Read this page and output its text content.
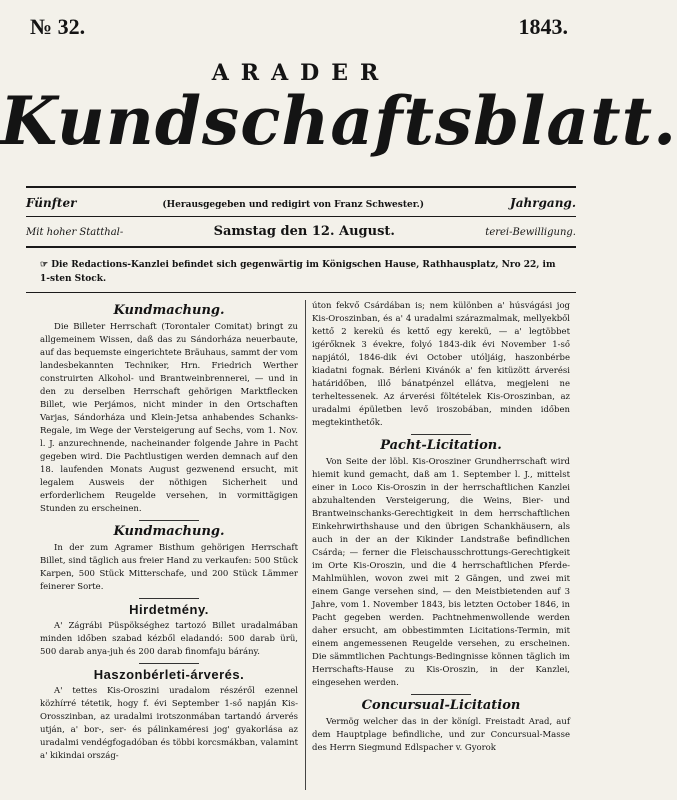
№ 32.	1843.
ARADER
Kundschaftsblatt.
Fünfter	(Herausgegeben und redigirt von Franz Schwester.)	Jahrgang.
Mit hoher Statthal-	Samstag den 12. August.	terei-Bewilligung.
☞ Die Redactions-Kanzlei befindet sich gegenwärtig im Königschen Hause, Rathhausplatz, Nro 22, im 1-sten Stock.
Kundmachung.

Die Billeter Herrschaft (Torontaler Comitat) bringt zu allgemeinem Wissen, daß das zu Sándorháza neuerbaute, auf das bequemste eingerichtete Bräuhaus, sammt der vom landesbekannten Techniker, Hrn. Friedrich Werther construirten Alkohol- und Brantweinbrennerei, — und in den zu derselben Herrschaft gehörigen Marktflecken Billet, wie Perjámos, nicht minder in den Ortschaften Varjas, Sándorháza und Klein-Jetsa anhabendes Schanks-Regale, im Wege der Versteigerung auf Sechs, vom 1. Nov. l. J. anzurechnende, nacheinander folgende Jahre in Pacht gegeben wird. Die Pachtlustigen werden demnach auf den 18. laufenden Monats August gezwenend ersucht, mit legalem Ausweis der nöthigen Sicherheit und erforderlichem Reugelde versehen, in vormittägigen Stunden zu erscheinen.

Kundmachung.

In der zum Agramer Bisthum gehörigen Herrschaft Billet, sind täglich aus freier Hand zu verkaufen: 500 Stück Karpen, 500 Stück Mitterschafe, und 200 Stück Lämmer feinerer Sorte.

Hirdetmény.

A' Zágrábi Püspökséghez tartozó Billet uradalmában minden időben szabad kézből eladandó: 500 darab ürü, 500 darab anya-juh és 200 darab finomfaju bárány.

Haszonbérleti-árverés.

A' tettes Kis-Oroszini uradalom részéről ezennel közhírré tétetik, hogy f. évi September 1-ső napján Kis-Orosszinban, az uradalmi irotszonmában tartandó árverés utján, a' bor-, ser- és pálinkaméresi jog' gyakorlása az uradalmi vendégfogadóban és többi korcsmákban, valamint a' kikindai ország-

úton fekvő Csárdában is; nem különben a' húsvágási jog Kis-Oroszinban, és a' 4 uradalmi szárazmalmak, mellyekből kettő 2 kerekü és kettő egy kerekü, — a' legtöbbet igérőknek 3 évekre, folyó 1843-dik évi November 1-ső napjától, 1846-dik évi October utóljáig, haszonbérbe kiadatni fognak. Bérleni Kivánók a' fen kitüzött árverési határidőben, illő bánatpénzel ellátva, megjeleni ne terheltessenek. Az árverési föltételek Kis-Oroszinban, az uradalmi épületben levő iroszobában, minden időben megtekinthetők.

Pacht-Licitation.

Von Seite der löbl. Kis-Orosziner Grundherrschaft wird hiemit kund gemacht, daß am 1. September l. J., mittelst einer in Loco Kis-Oroszin in der herrschaftlichen Kanzlei abzuhaltenden Versteigerung, die Weins, Bier- und Brantweinschanks-Gerechtigkeit in dem herrschaftlichen Einkehrwirthshause und den übrigen Schankhäusern, als auch in der an der Kikinder Landstraße befindlichen Csárda; — ferner die Fleischausschrottungs-Gerechtigkeit im Orte Kis-Oroszin, und die 4 herrschaftlichen Pferde-Mahlmühlen, wovon zwei mit 2 Gängen, und zwei mit einem Gange versehen sind, — den Meistbietenden auf 3 Jahre, vom 1. November 1843, bis letzten October 1846, in Pacht gegeben werden. Pachtnehmenwollende werden daher ersucht, am obbestimmten Licitations-Termin, mit einem angemessenen Reugelde versehen, zu erscheinen. Die sämmtlichen Pachtungs-Bedingnisse können täglich im Herrschafts-Hause zu Kis-Oroszin, in der Kanzlei, eingesehen werden.

Concursual-Licitation

Vermög welcher das in der könígl. Freistadt Arad, auf dem Hauptplage befindliche, und zur Concursual-Masse des Herrn Siegmund Edlspacher v. Gyorok
